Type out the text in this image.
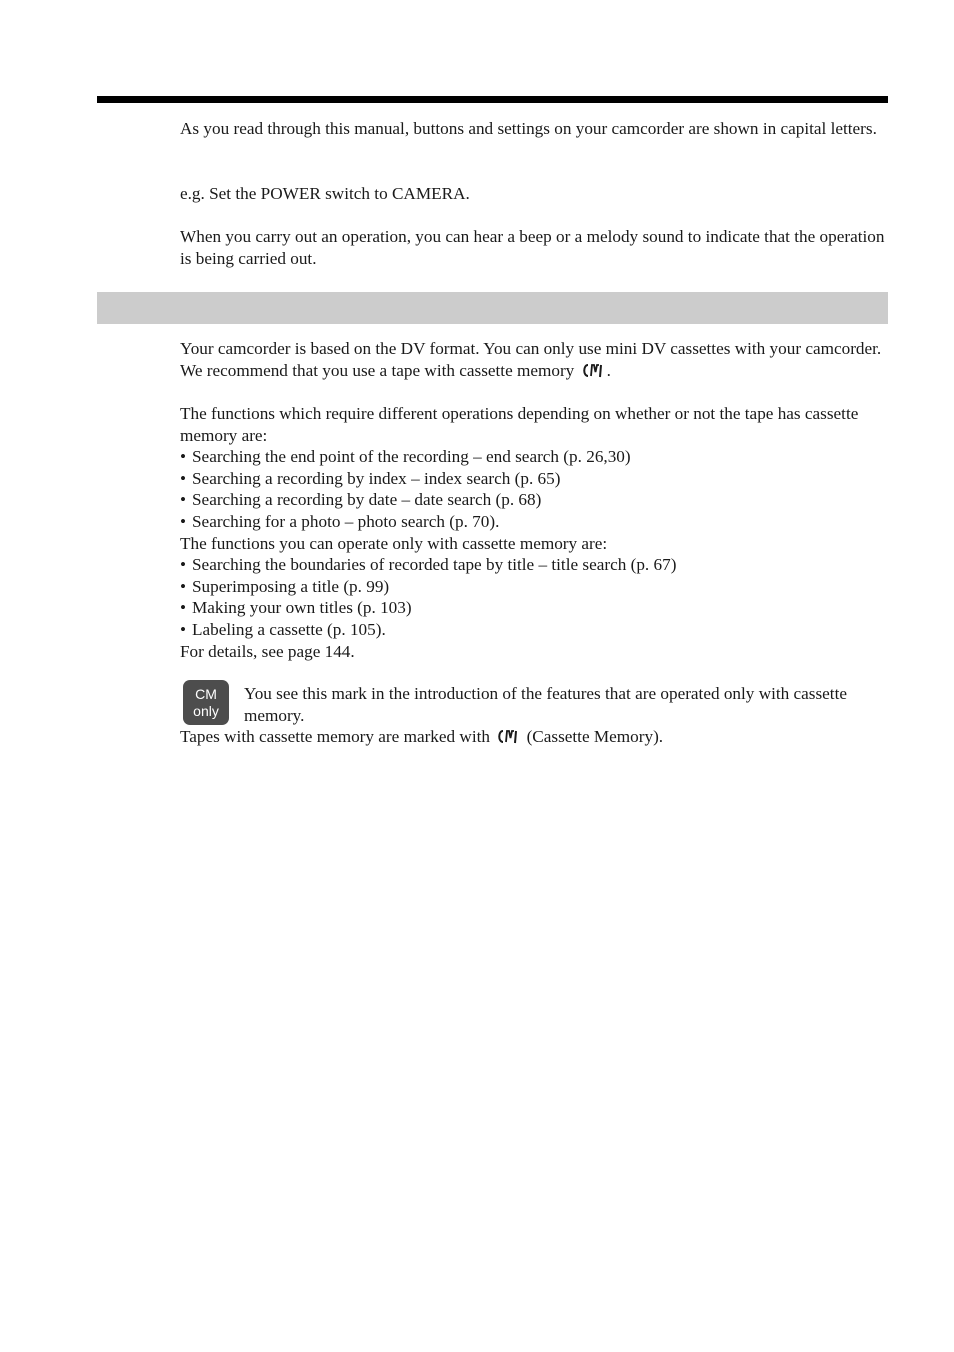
As you read through this manual, buttons and settings on your camcorder are shown in capital letters.
e.g. Set the POWER switch to CAMERA.
When you carry out an operation, you can hear a beep or a melody sound to indicate that the operation is being carried out.
Your camcorder is based on the DV format. You can only use mini DV cassettes with your camcorder. We recommend that you use a tape with cassette memory .
The functions which require different operations depending on whether or not the tape has cassette memory are:
• Searching the end point of the recording – end search (p. 26,30)
• Searching a recording by index – index search (p. 65)
• Searching a recording by date – date search (p. 68)
• Searching for a photo – photo search (p. 70).
The functions you can operate only with cassette memory are:
• Searching the boundaries of recorded tape by title – title search (p. 67)
• Superimposing a title (p. 99)
• Making your own titles (p. 103)
• Labeling a cassette (p. 105).
For details, see page 144.
CM
only
You see this mark in the introduction of the features that are operated only with cassette memory.
Tapes with cassette memory are marked with (Cassette Memory).
